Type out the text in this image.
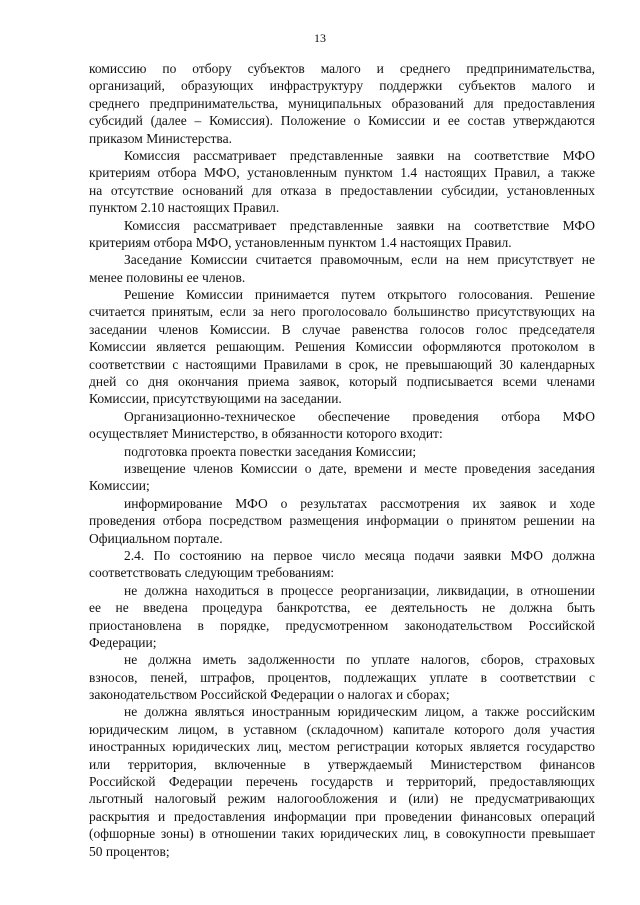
13
комиссию по отбору субъектов малого и среднего предпринимательства,
организаций, образующих инфраструктуру поддержки субъектов малого и
среднего предпринимательства, муниципальных образований для предоставления
субсидий (далее – Комиссия). Положение о Комиссии и ее состав утверждаются
приказом Министерства.
Комиссия рассматривает представленные заявки на соответствие МФО
критериям отбора МФО, установленным пунктом 1.4 настоящих Правил, а также
на отсутствие оснований для отказа в предоставлении субсидии, установленных
пунктом 2.10 настоящих Правил.
Комиссия рассматривает представленные заявки на соответствие МФО
критериям отбора МФО, установленным пунктом 1.4 настоящих Правил.
Заседание Комиссии считается правомочным, если на нем присутствует не
менее половины ее членов.
Решение Комиссии принимается путем открытого голосования. Решение
считается принятым, если за него проголосовало большинство присутствующих на
заседании членов Комиссии. В случае равенства голосов голос председателя
Комиссии является решающим. Решения Комиссии оформляются протоколом в
соответствии с настоящими Правилами в срок, не превышающий 30 календарных
дней со дня окончания приема заявок, который подписывается всеми членами
Комиссии, присутствующими на заседании.
Организационно-техническое обеспечение проведения отбора МФО
осуществляет Министерство, в обязанности которого входит:
подготовка проекта повестки заседания Комиссии;
извещение членов Комиссии о дате, времени и месте проведения заседания
Комиссии;
информирование МФО о результатах рассмотрения их заявок и ходе
проведения отбора посредством размещения информации о принятом решении на
Официальном портале.
2.4. По состоянию на первое число месяца подачи заявки МФО должна
соответствовать следующим требованиям:
не должна находиться в процессе реорганизации, ликвидации, в отношении
ее не введена процедура банкротства, ее деятельность не должна быть
приостановлена в порядке, предусмотренном законодательством Российской
Федерации;
не должна иметь задолженности по уплате налогов, сборов, страховых
взносов, пеней, штрафов, процентов, подлежащих уплате в соответствии с
законодательством Российской Федерации о налогах и сборах;
не должна являться иностранным юридическим лицом, а также российским
юридическим лицом, в уставном (складочном) капитале которого доля участия
иностранных юридических лиц, местом регистрации которых является государство
или территория, включенные в утверждаемый Министерством финансов
Российской Федерации перечень государств и территорий, предоставляющих
льготный налоговый режим налогообложения и (или) не предусматривающих
раскрытия и предоставления информации при проведении финансовых операций
(офшорные зоны) в отношении таких юридических лиц, в совокупности превышает
50 процентов;
